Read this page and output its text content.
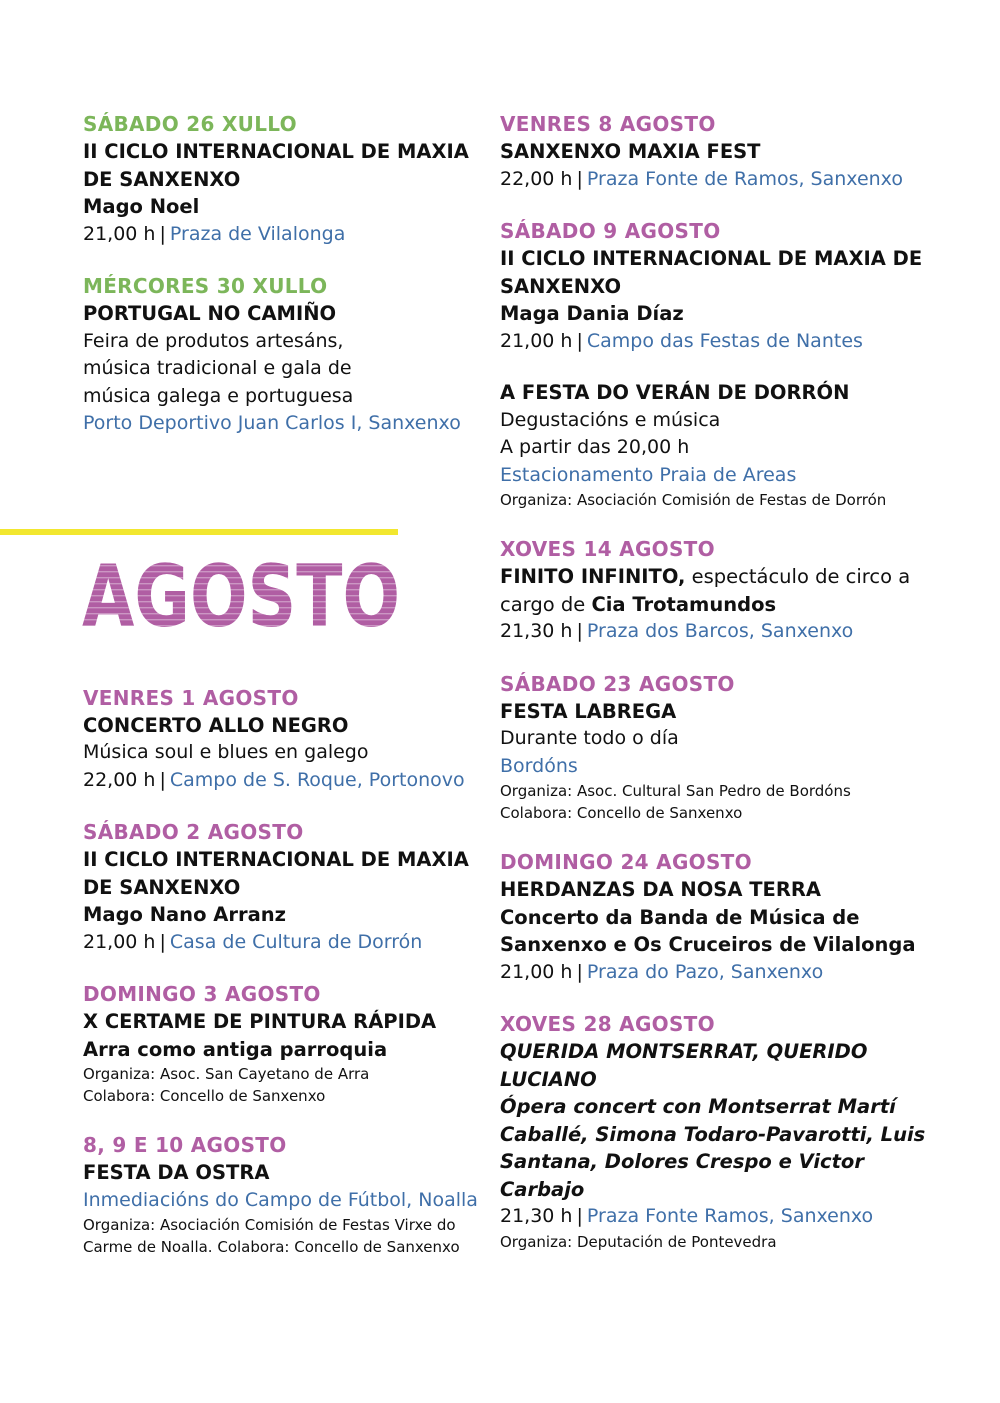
SÁBADO 26 XULLO
II CICLO INTERNACIONAL DE MAXIA DE SANXENXO
Mago Noel
21,00 h | Praza de Vilalonga
MÉRCORES 30 XULLO
PORTUGAL NO CAMIÑO
Feira de produtos artesáns,
música tradicional e gala de
música galega e portuguesa
Porto Deportivo Juan Carlos I, Sanxenxo
VENRES 1 AGOSTO
CONCERTO ALLO NEGRO
Música soul e blues en galego
22,00 h | Campo de S. Roque, Portonovo
SÁBADO 2 AGOSTO
II CICLO INTERNACIONAL DE MAXIA DE SANXENXO
Mago Nano Arranz
21,00 h | Casa de Cultura de Dorrón
DOMINGO 3 AGOSTO
X CERTAME DE PINTURA RÁPIDA
Arra como antiga parroquia
Organiza: Asoc. San Cayetano de Arra
Colabora: Concello de Sanxenxo
8, 9 E 10 AGOSTO
FESTA DA OSTRA
Inmediacións do Campo de Fútbol, Noalla
Organiza: Asociación Comisión de Festas Virxe do
Carme de Noalla. Colabora: Concello de Sanxenxo
AGOSTO
AGOSTO
VENRES 8 AGOSTO
SANXENXO MAXIA FEST
22,00 h | Praza Fonte de Ramos, Sanxenxo
SÁBADO 9 AGOSTO
II CICLO INTERNACIONAL DE MAXIA DE SANXENXO
Maga Dania Díaz
21,00 h | Campo das Festas de Nantes
A FESTA DO VERÁN DE DORRÓN
Degustacións e música
A partir das 20,00 h
Estacionamento Praia de Areas
Organiza: Asociación Comisión de Festas de Dorrón
XOVES 14 AGOSTO
FINITO INFINITO, espectáculo de circo a cargo de Cia Trotamundos
21,30 h | Praza dos Barcos, Sanxenxo
SÁBADO 23 AGOSTO
FESTA LABREGA
Durante todo o día
Bordóns
Organiza: Asoc. Cultural San Pedro de Bordóns
Colabora: Concello de Sanxenxo
DOMINGO 24 AGOSTO
HERDANZAS DA NOSA TERRA
Concerto da Banda de Música de Sanxenxo e Os Cruceiros de Vilalonga
21,00 h | Praza do Pazo, Sanxenxo
XOVES 28 AGOSTO
QUERIDA MONTSERRAT, QUERIDO LUCIANO
Ópera concert con Montserrat Martí Caballé, Simona Todaro-Pavarotti, Luis Santana, Dolores Crespo e Victor Carbajo
21,30 h | Praza Fonte Ramos, Sanxenxo
Organiza: Deputación de Pontevedra
